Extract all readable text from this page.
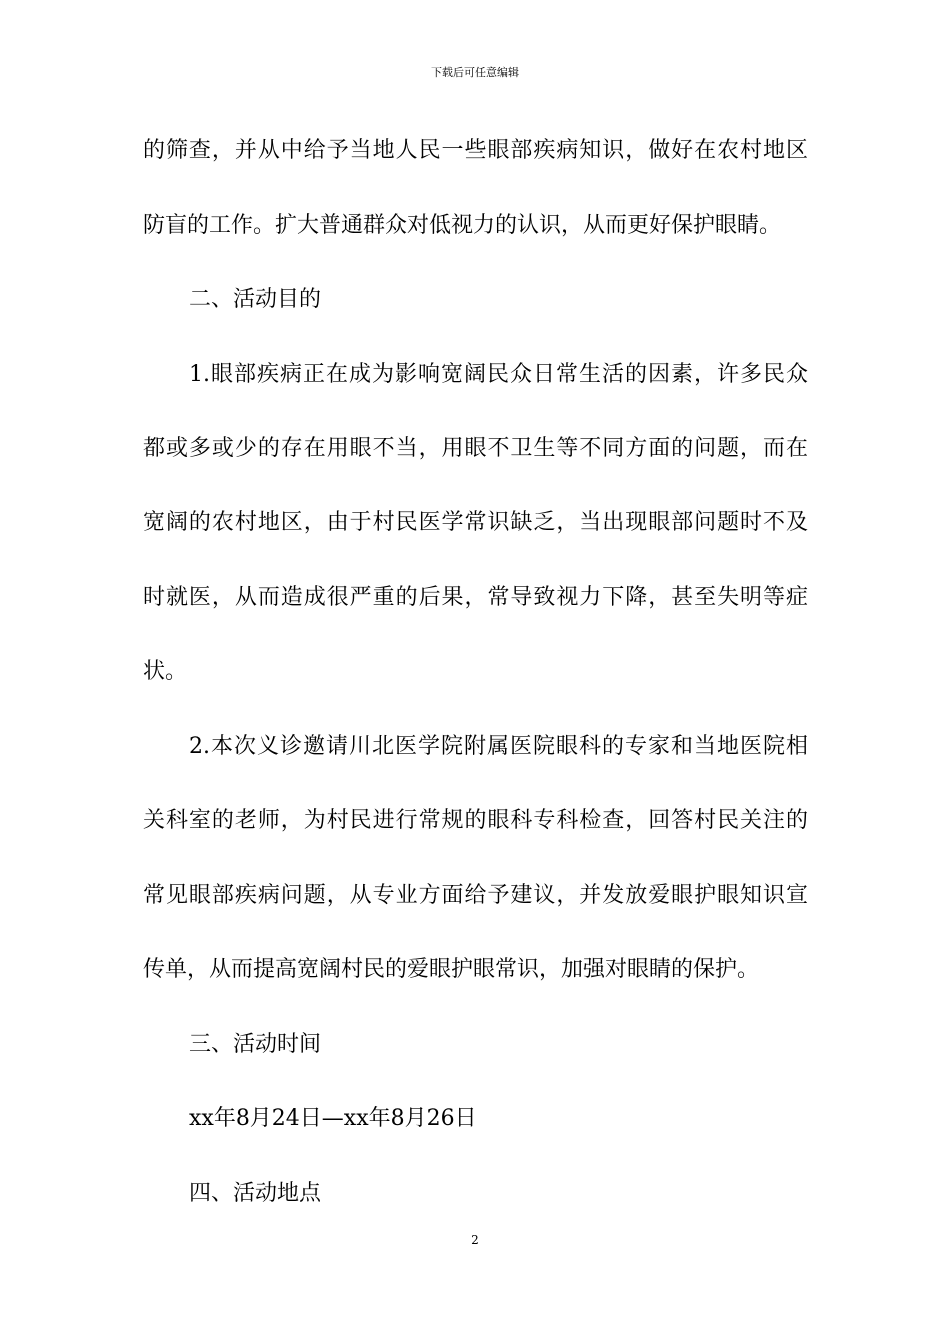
下载后可任意编辑
的筛查，并从中给予当地人民一些眼部疾病知识，做好在农村地区
防盲的工作。扩大普通群众对低视力的认识，从而更好保护眼睛。
二、活动目的
1.眼部疾病正在成为影响宽阔民众日常生活的因素，许多民众
都或多或少的存在用眼不当，用眼不卫生等不同方面的问题，而在
宽阔的农村地区，由于村民医学常识缺乏，当出现眼部问题时不及
时就医，从而造成很严重的后果，常导致视力下降，甚至失明等症
状。
2.本次义诊邀请川北医学院附属医院眼科的专家和当地医院相
关科室的老师，为村民进行常规的眼科专科检查，回答村民关注的
常见眼部疾病问题，从专业方面给予建议，并发放爱眼护眼知识宣
传单，从而提高宽阔村民的爱眼护眼常识，加强对眼睛的保护。
三、活动时间
xx年8月24日—xx年8月26日
四、活动地点
2
